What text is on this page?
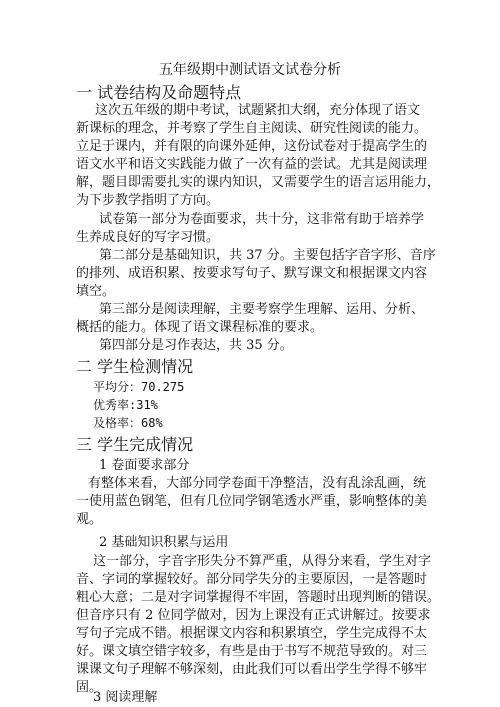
五年级期中测试语文试卷分析
一 试卷结构及命题特点
这次五年级的期中考试，试题紧扣大纲，充分体现了语文
新课标的理念，并考察了学生自主阅读、研究性阅读的能力。
立足于课内，并有限的向课外延伸，这份试卷对于提高学生的
语文水平和语文实践能力做了一次有益的尝试。尤其是阅读理
解，题目即需要扎实的课内知识，又需要学生的语言运用能力，
为下步教学指明了方向。
试卷第一部分为卷面要求，共十分，这非常有助于培养学
生养成良好的写字习惯。
第二部分是基础知识，共 37 分。主要包括字音字形、音序
的排列、成语积累、按要求写句子、默写课文和根据课文内容
填空。
第三部分是阅读理解，主要考察学生理解、运用、分析、
概括的能力。体现了语文课程标准的要求。
第四部分是习作表达，共 35 分。
二 学生检测情况
平均分：70.275
优秀率:31%
及格率：68%
三 学生完成情况
1 卷面要求部分
有整体来看，大部分同学卷面干净整洁，没有乱涂乱画，统
一使用蓝色钢笔，但有几位同学钢笔透水严重，影响整体的美
观。
2 基础知识积累与运用
这一部分，字音字形失分不算严重，从得分来看，学生对字
音、字词的掌握较好。部分同学失分的主要原因，一是答题时
粗心大意；二是对字词掌握得不牢固，答题时出现判断的错误。
但音序只有 2 位同学做对，因为上课没有正式讲解过。按要求
写句子完成不错。根据课文内容和积累填空，学生完成得不太
好。课文填空错字较多，有些是由于书写不规范导致的。对三
课课文句子理解不够深刻，由此我们可以看出学生学得不够牢
固。
3 阅读理解
